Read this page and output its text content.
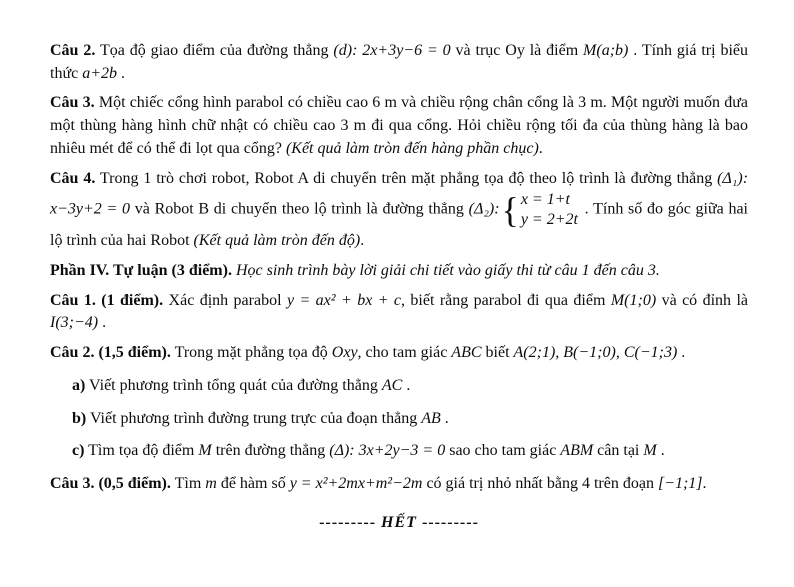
Câu 2. Tọa độ giao điểm của đường thẳng (d): 2x+3y−6 = 0 và trục Oy là điểm M(a;b) . Tính giá trị biểu thức a+2b .

Câu 3. Một chiếc cổng hình parabol có chiều cao 6 m và chiều rộng chân cổng là 3 m. Một người muốn đưa một thùng hàng hình chữ nhật có chiều cao 3 m đi qua cổng. Hỏi chiều rộng tối đa của thùng hàng là bao nhiêu mét để có thể đi lọt qua cổng? (Kết quả làm tròn đến hàng phần chục).

Câu 4. Trong 1 trò chơi robot, Robot A di chuyển trên mặt phẳng tọa độ theo lộ trình là đường thẳng (Δ₁): x−3y+2 = 0 và Robot B di chuyển theo lộ trình là đường thẳng (Δ₂): { x = 1+t
y = 2+2t
. Tính số đo góc giữa hai lộ trình của hai Robot (Kết quả làm tròn đến độ).

Phần IV. Tự luận (3 điểm). Học sinh trình bày lời giải chi tiết vào giấy thi từ câu 1 đến câu 3.

Câu 1. (1 điểm). Xác định parabol y = ax² + bx + c, biết rằng parabol đi qua điểm M(1;0) và có đỉnh là I(3;−4) .

Câu 2. (1,5 điểm). Trong mặt phẳng tọa độ Oxy, cho tam giác ABC biết A(2;1), B(−1;0), C(−1;3) .

a) Viết phương trình tổng quát của đường thẳng AC .

b) Viết phương trình đường trung trực của đoạn thẳng AB .

c) Tìm tọa độ điểm M trên đường thẳng (Δ): 3x+2y−3 = 0 sao cho tam giác ABM cân tại M .

Câu 3. (0,5 điểm). Tìm m để hàm số y = x²+2mx+m²−2m có giá trị nhỏ nhất bằng 4 trên đoạn [−1;1].

--------- HẾT ---------
